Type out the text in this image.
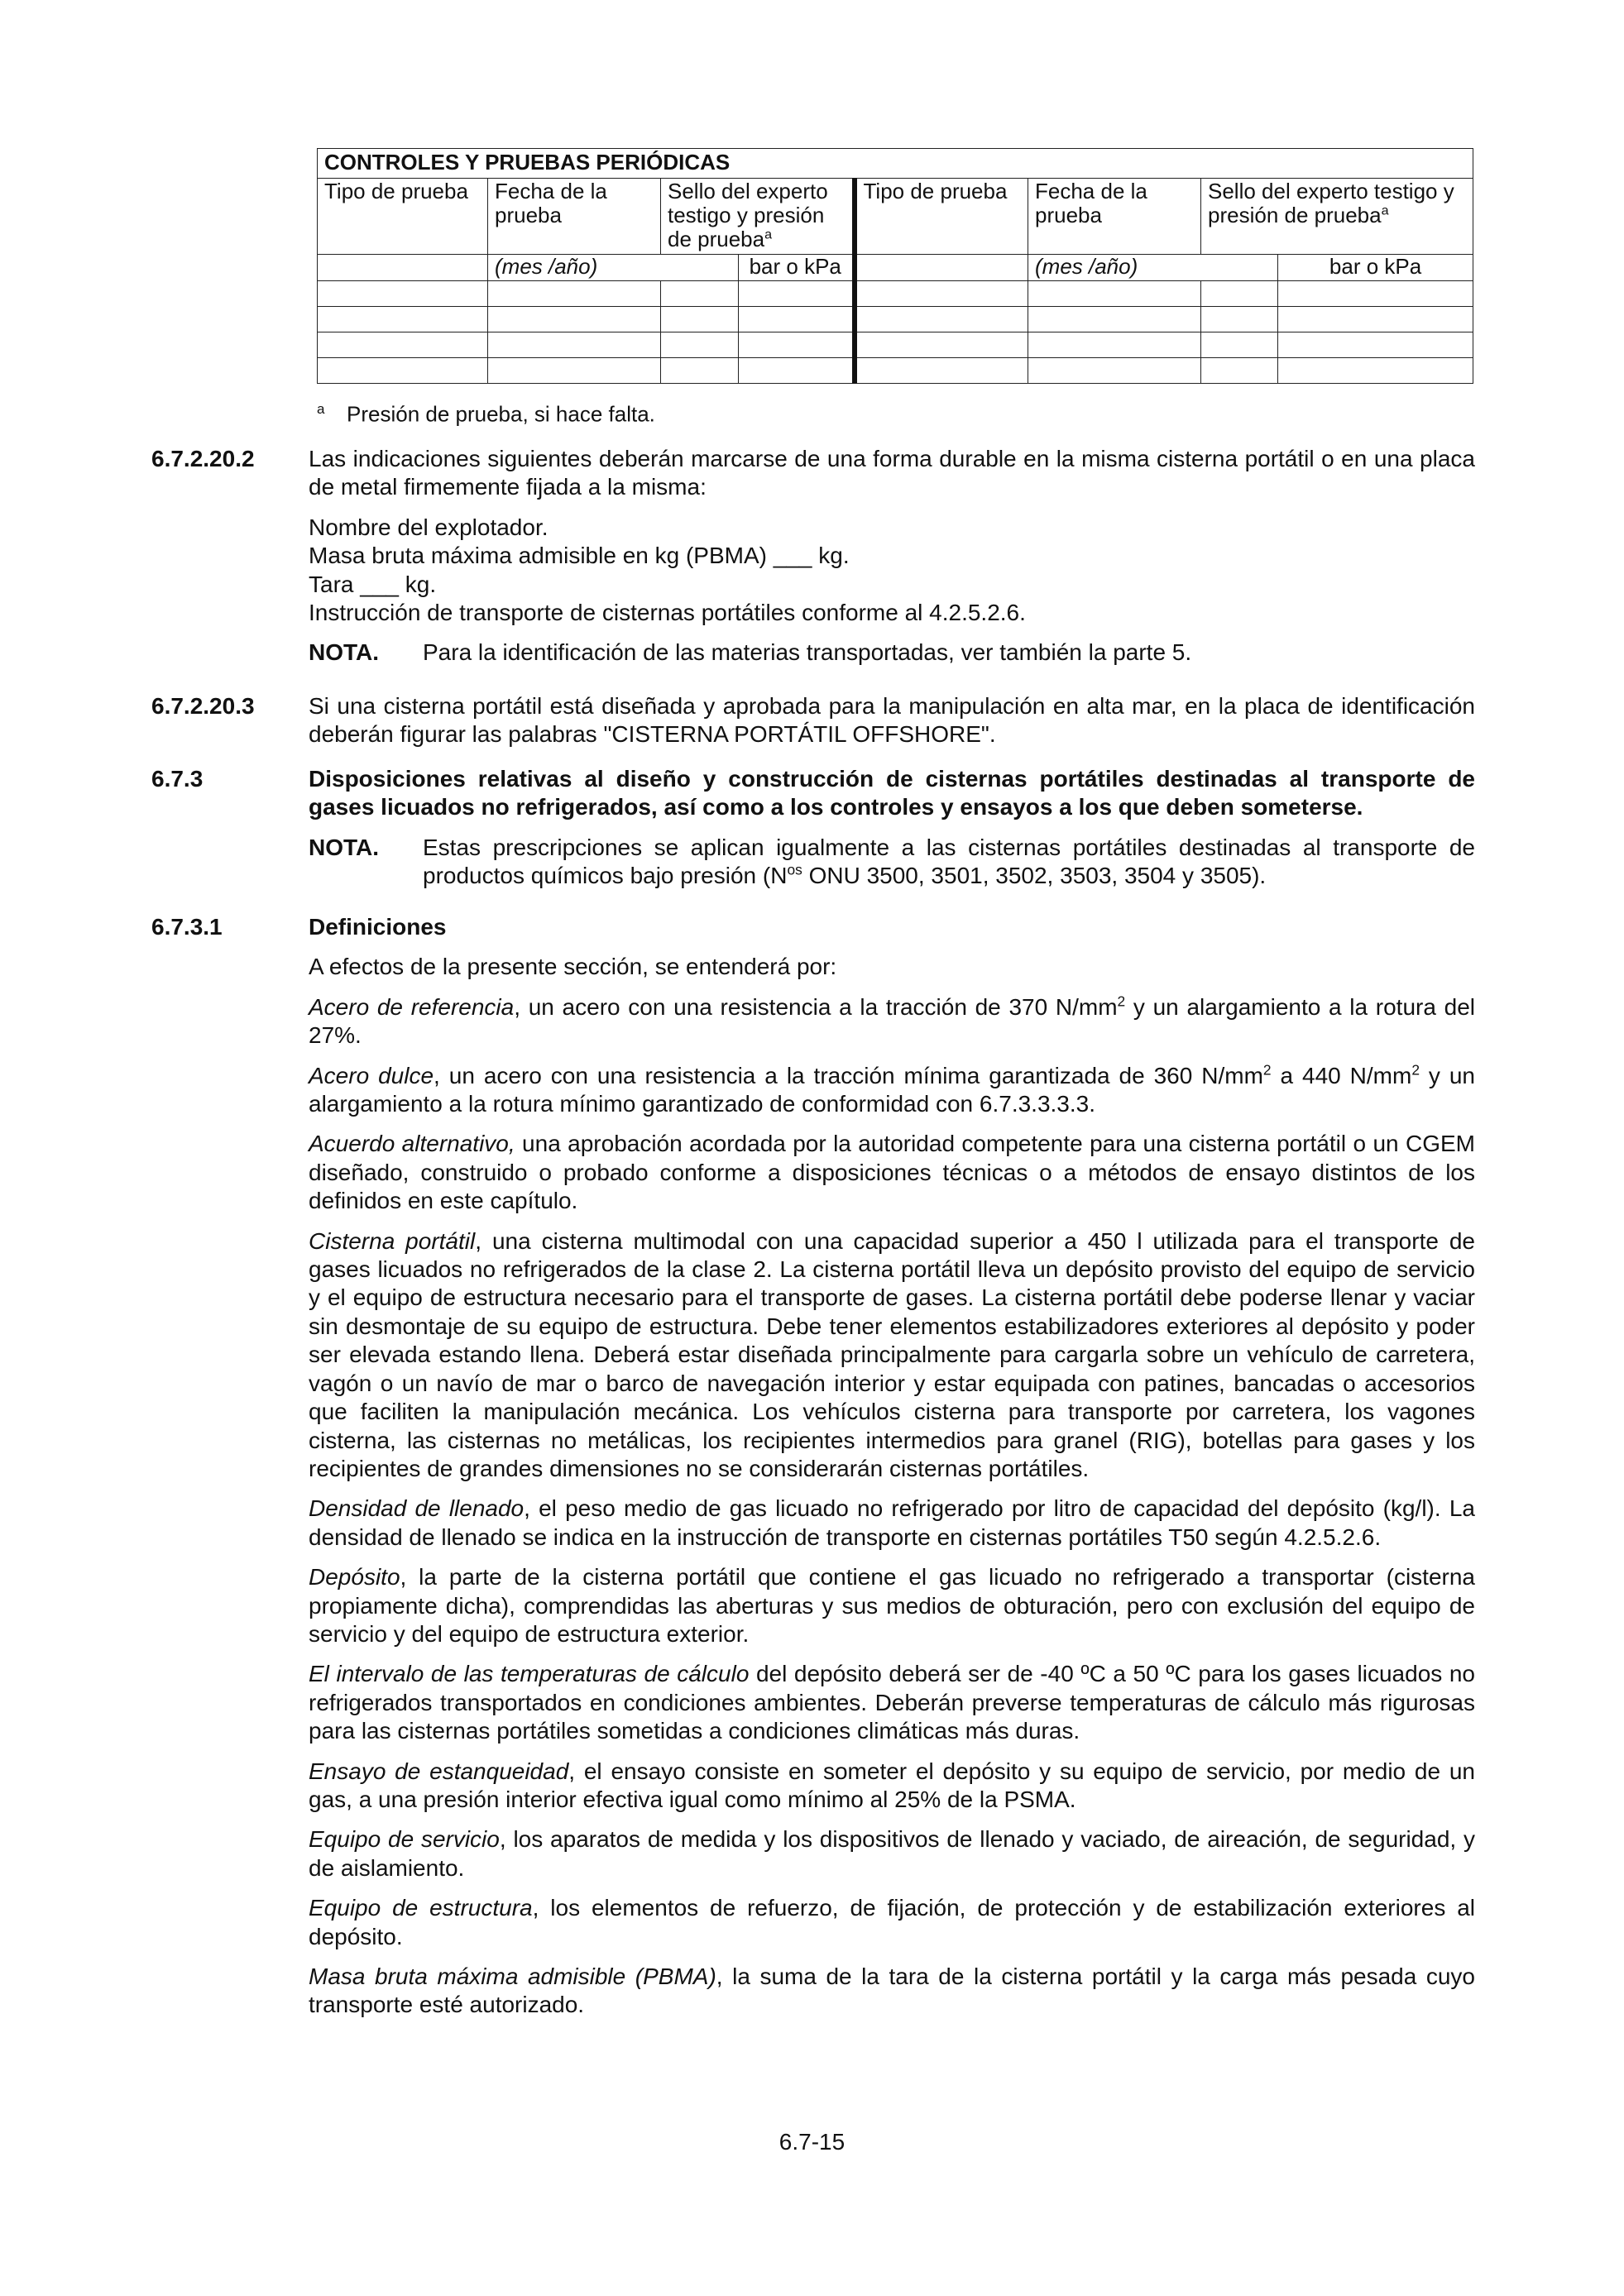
CONTROLES Y PRUEBAS PERIÓDICAS							
Tipo de prueba	Fecha de la prueba	Sello del experto testigo y presión de prueba$^a$		Tipo de prueba	Fecha de la prueba	Sello del experto testigo y presión de prueba$^a$
	(mes /año)		bar o kPa		(mes /año)		bar o kPa

a Presión de prueba, si hace falta.
6.7.2.20.2	Las indicaciones siguientes deberán marcarse de una forma durable en la misma cisterna portátil o en una placa de metal firmemente fijada a la misma:

Nombre del explotador.

Masa bruta máxima admisible en kg (PBMA) ___ kg.

Tara ___ kg.

Instrucción de transporte de cisternas portátiles conforme al 4.2.5.2.6.

NOTA. Para la identificación de las materias transportadas, ver también la parte 5.

6.7.2.20.3	Si una cisterna portátil está diseñada y aprobada para la manipulación en alta mar, en la placa de identificación deberán figurar las palabras "CISTERNA PORTÁTIL OFFSHORE".

6.7.3	Disposiciones relativas al diseño y construcción de cisternas portátiles destinadas al transporte de gases licuados no refrigerados, así como a los controles y ensayos a los que deben someterse.

NOTA. Estas prescripciones se aplican igualmente a las cisternas portátiles destinadas al transporte de productos químicos bajo presión ($N^{os}$ ONU 3500, 3501, 3502, 3503, 3504 y 3505).

6.7.3.1	Definiciones

A efectos de la presente sección, se entenderá por:

Acero de referencia, un acero con una resistencia a la tracción de 370 $N/mm^2$ y un alargamiento a la rotura del 27%.

Acero dulce, un acero con una resistencia a la tracción mínima garantizada de 360 $N/mm^2$ a 440 $N/mm^2$ y un alargamiento a la rotura mínimo garantizado de conformidad con 6.7.3.3.3.3.

Acuerdo alternativo, una aprobación acordada por la autoridad competente para una cisterna portátil o un CGEM diseñado, construido o probado conforme a disposiciones técnicas o a métodos de ensayo distintos de los definidos en este capítulo.

Cisterna portátil, una cisterna multimodal con una capacidad superior a 450 l utilizada para el transporte de gases licuados no refrigerados de la clase 2. La cisterna portátil lleva un depósito provisto del equipo de servicio y el equipo de estructura necesario para el transporte de gases. La cisterna portátil debe poderse llenar y vaciar sin desmontaje de su equipo de estructura. Debe tener elementos estabilizadores exteriores al depósito y poder ser elevada estando llena. Deberá estar diseñada principalmente para cargarla sobre un vehículo de carretera, vagón o un navío de mar o barco de navegación interior y estar equipada con patines, bancadas o accesorios que faciliten la manipulación mecánica. Los vehículos cisterna para transporte por carretera, los vagones cisterna, las cisternas no metálicas, los recipientes intermedios para granel (RIG), botellas para gases y los recipientes de grandes dimensiones no se considerarán cisternas portátiles.

Densidad de llenado, el peso medio de gas licuado no refrigerado por litro de capacidad del depósito (kg/l). La densidad de llenado se indica en la instrucción de transporte en cisternas portátiles T50 según 4.2.5.2.6.

Depósito, la parte de la cisterna portátil que contiene el gas licuado no refrigerado a transportar (cisterna propiamente dicha), comprendidas las aberturas y sus medios de obturación, pero con exclusión del equipo de servicio y del equipo de estructura exterior.

El intervalo de las temperaturas de cálculo del depósito deberá ser de -40 ºC a 50 ºC para los gases licuados no refrigerados transportados en condiciones ambientes. Deberán preverse temperaturas de cálculo más rigurosas para las cisternas portátiles sometidas a condiciones climáticas más duras.

Ensayo de estanqueidad, el ensayo consiste en someter el depósito y su equipo de servicio, por medio de un gas, a una presión interior efectiva igual como mínimo al 25% de la PSMA.

Equipo de servicio, los aparatos de medida y los dispositivos de llenado y vaciado, de aireación, de seguridad, y de aislamiento.

Equipo de estructura, los elementos de refuerzo, de fijación, de protección y de estabilización exteriores al depósito.

Masa bruta máxima admisible (PBMA), la suma de la tara de la cisterna portátil y la carga más pesada cuyo transporte esté autorizado.

6.7-15
